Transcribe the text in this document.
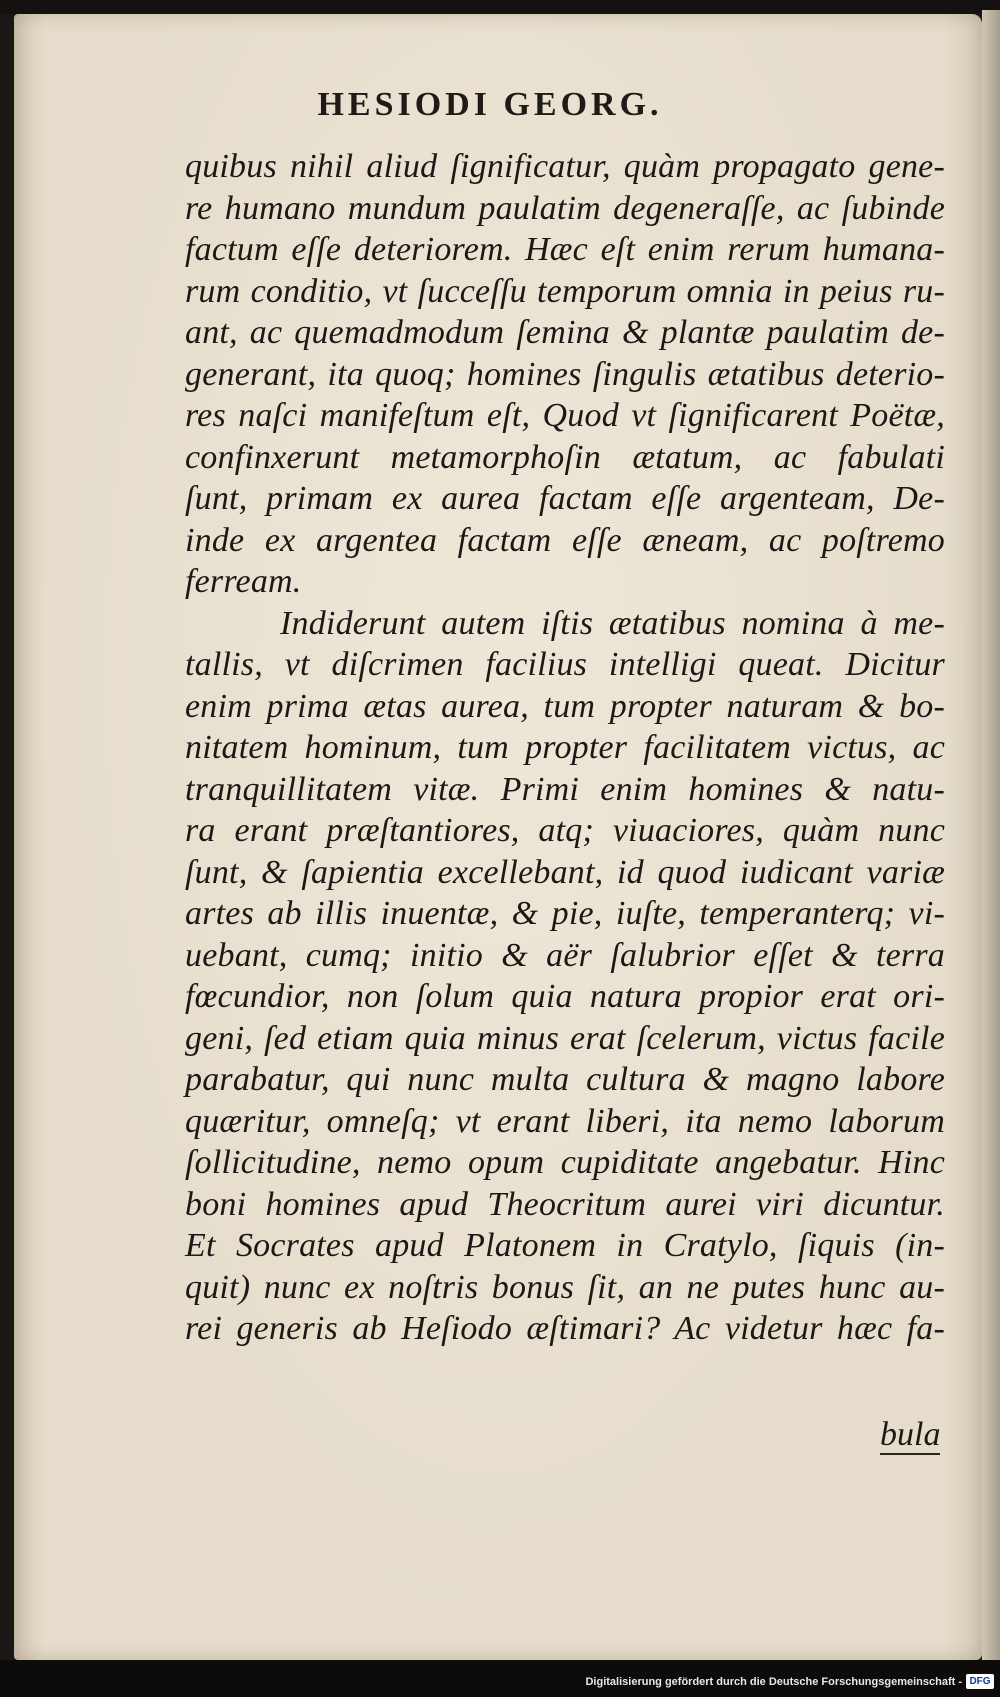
HESIODI GEORG.
quibus nihil aliud ſignificatur, quàm propagato gene-
re humano mundum paulatim degeneraſſe, ac ſubinde
factum eſſe deteriorem. Hæc eſt enim rerum humana-
rum conditio, vt ſucceſſu temporum omnia in peius ru-
ant, ac quemadmodum ſemina & plantæ paulatim de-
generant, ita quoq; homines ſingulis ætatibus deterio-
res naſci manifeſtum eſt, Quod vt ſignificarent Poëtæ,
confinxerunt metamorphoſin ætatum, ac fabulati
ſunt, primam ex aurea factam eſſe argenteam, De-
inde ex argentea factam eſſe æneam, ac poſtremo
ferream.
Indiderunt autem iſtis ætatibus nomina à me-
tallis, vt diſcrimen facilius intelligi queat. Dicitur
enim prima ætas aurea, tum propter naturam & bo-
nitatem hominum, tum propter facilitatem victus, ac
tranquillitatem vitæ. Primi enim homines & natu-
ra erant præſtantiores, atq; viuaciores, quàm nunc
ſunt, & ſapientia excellebant, id quod iudicant variæ
artes ab illis inuentæ, & pie, iuſte, temperanterq; vi-
uebant, cumq; initio & aër ſalubrior eſſet & terra
fœcundior, non ſolum quia natura propior erat ori-
geni, ſed etiam quia minus erat ſcelerum, victus facile
parabatur, qui nunc multa cultura & magno labore
quæritur, omneſq; vt erant liberi, ita nemo laborum
ſollicitudine, nemo opum cupiditate angebatur. Hinc
boni homines apud Theocritum aurei viri dicuntur.
Et Socrates apud Platonem in Cratylo, ſiquis (in-
quit) nunc ex noſtris bonus ſit, an ne putes hunc au-
rei generis ab Heſiodo æſtimari? Ac videtur hæc fa-
bula
Digitalisierung gefördert durch die Deutsche Forschungsgemeinschaft - DFG
